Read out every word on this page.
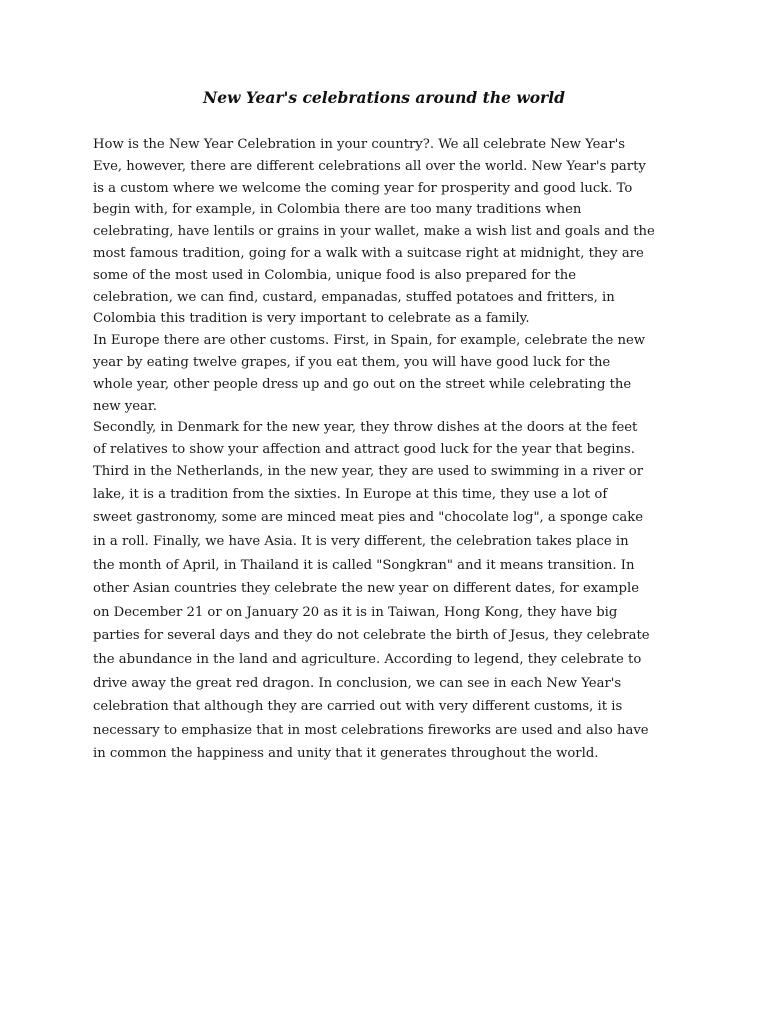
New Year's celebrations around the world
How is the New Year Celebration in your country?. We all celebrate New Year's
Eve, however, there are different celebrations all over the world. New Year's party
is a custom where we welcome the coming year for prosperity and good luck. To
begin with, for example, in Colombia there are too many traditions when
celebrating, have lentils or grains in your wallet, make a wish list and goals and the
most famous tradition, going for a walk with a suitcase right at midnight, they are
some of the most used in Colombia, unique food is also prepared for the
celebration, we can find, custard, empanadas, stuffed potatoes and fritters, in
Colombia this tradition is very important to celebrate as a family.
In Europe there are other customs. First, in Spain, for example, celebrate the new
year by eating twelve grapes, if you eat them, you will have good luck for the
whole year, other people dress up and go out on the street while celebrating the
new year.
Secondly, in Denmark for the new year, they throw dishes at the doors at the feet
of relatives to show your affection and attract good luck for the year that begins.
Third in the Netherlands, in the new year, they are used to swimming in a river or
lake, it is a tradition from the sixties. In Europe at this time, they use a lot of
sweet gastronomy, some are minced meat pies and "chocolate log", a sponge cake
in a roll. Finally, we have Asia. It is very different, the celebration takes place in
the month of April, in Thailand it is called "Songkran" and it means transition. In
other Asian countries they celebrate the new year on different dates, for example
on December 21 or on January 20 as it is in Taiwan, Hong Kong, they have big
parties for several days and they do not celebrate the birth of Jesus, they celebrate
the abundance in the land and agriculture. According to legend, they celebrate to
drive away the great red dragon. In conclusion, we can see in each New Year's
celebration that although they are carried out with very different customs, it is
necessary to emphasize that in most celebrations fireworks are used and also have
in common the happiness and unity that it generates throughout the world.
